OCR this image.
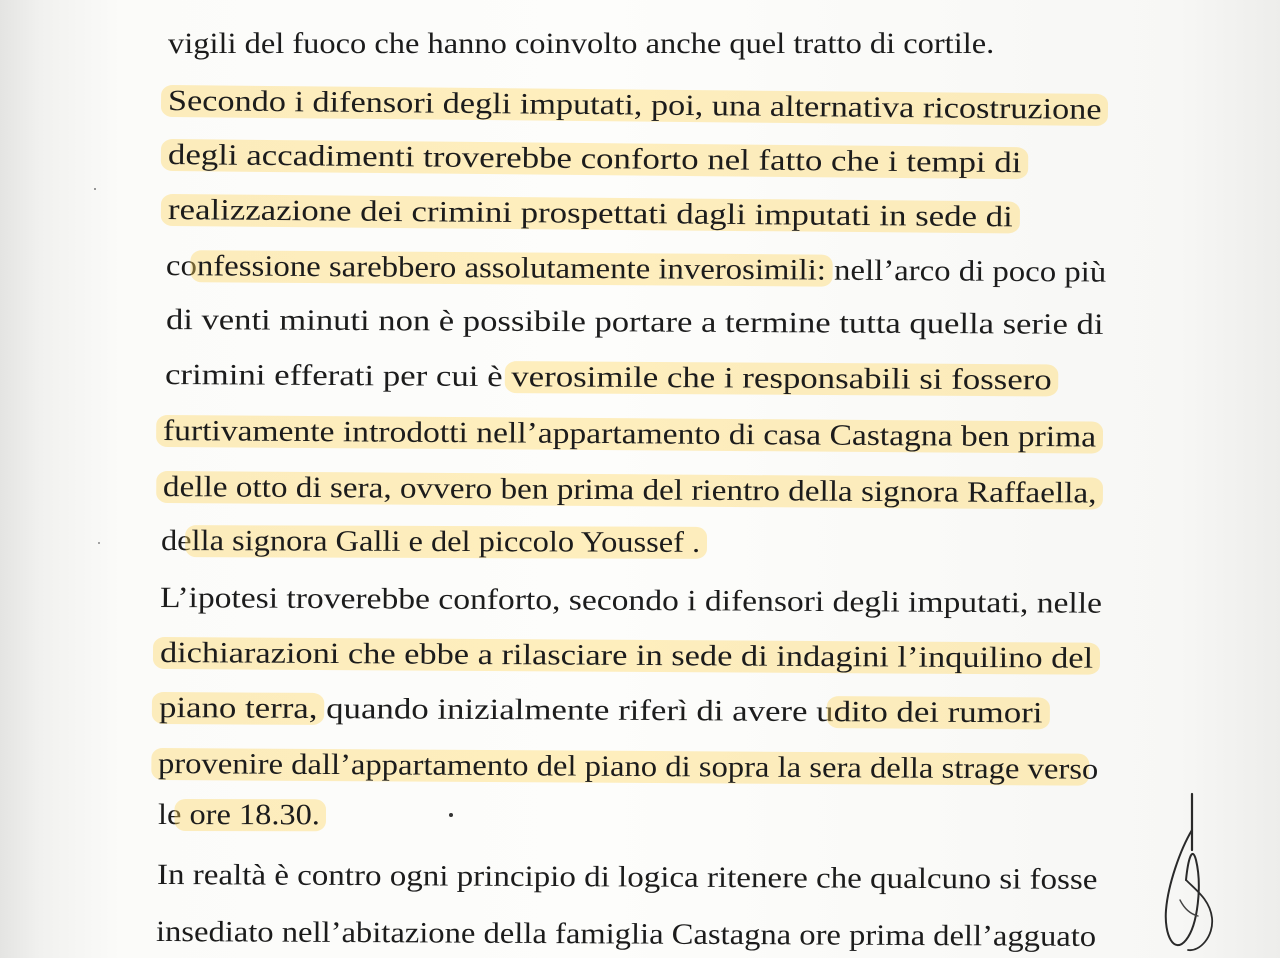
vigili del fuoco che hanno coinvolto anche quel tratto di cortile.
Secondo i difensori degli imputati, poi, una alternativa ricostruzione
degli accadimenti troverebbe conforto nel fatto che i tempi di
realizzazione dei crimini prospettati dagli imputati in sede di
confessione sarebbero assolutamente inverosimili: nell’arco di poco più
di venti minuti non è possibile portare a termine tutta quella serie di
crimini efferati per cui è verosimile che i responsabili si fossero
furtivamente introdotti nell’appartamento di casa Castagna ben prima
delle otto di sera, ovvero ben prima del rientro della signora Raffaella,
della signora Galli e del piccolo Youssef .
L’ipotesi troverebbe conforto, secondo i difensori degli imputati, nelle
dichiarazioni che ebbe a rilasciare in sede di indagini l’inquilino del
piano terra, quando inizialmente riferì di avere udito dei rumori
provenire dall’appartamento del piano di sopra la sera della strage verso
le ore 18.30.
In realtà è contro ogni principio di logica ritenere che qualcuno si fosse
insediato nell’abitazione della famiglia Castagna ore prima dell’agguato
